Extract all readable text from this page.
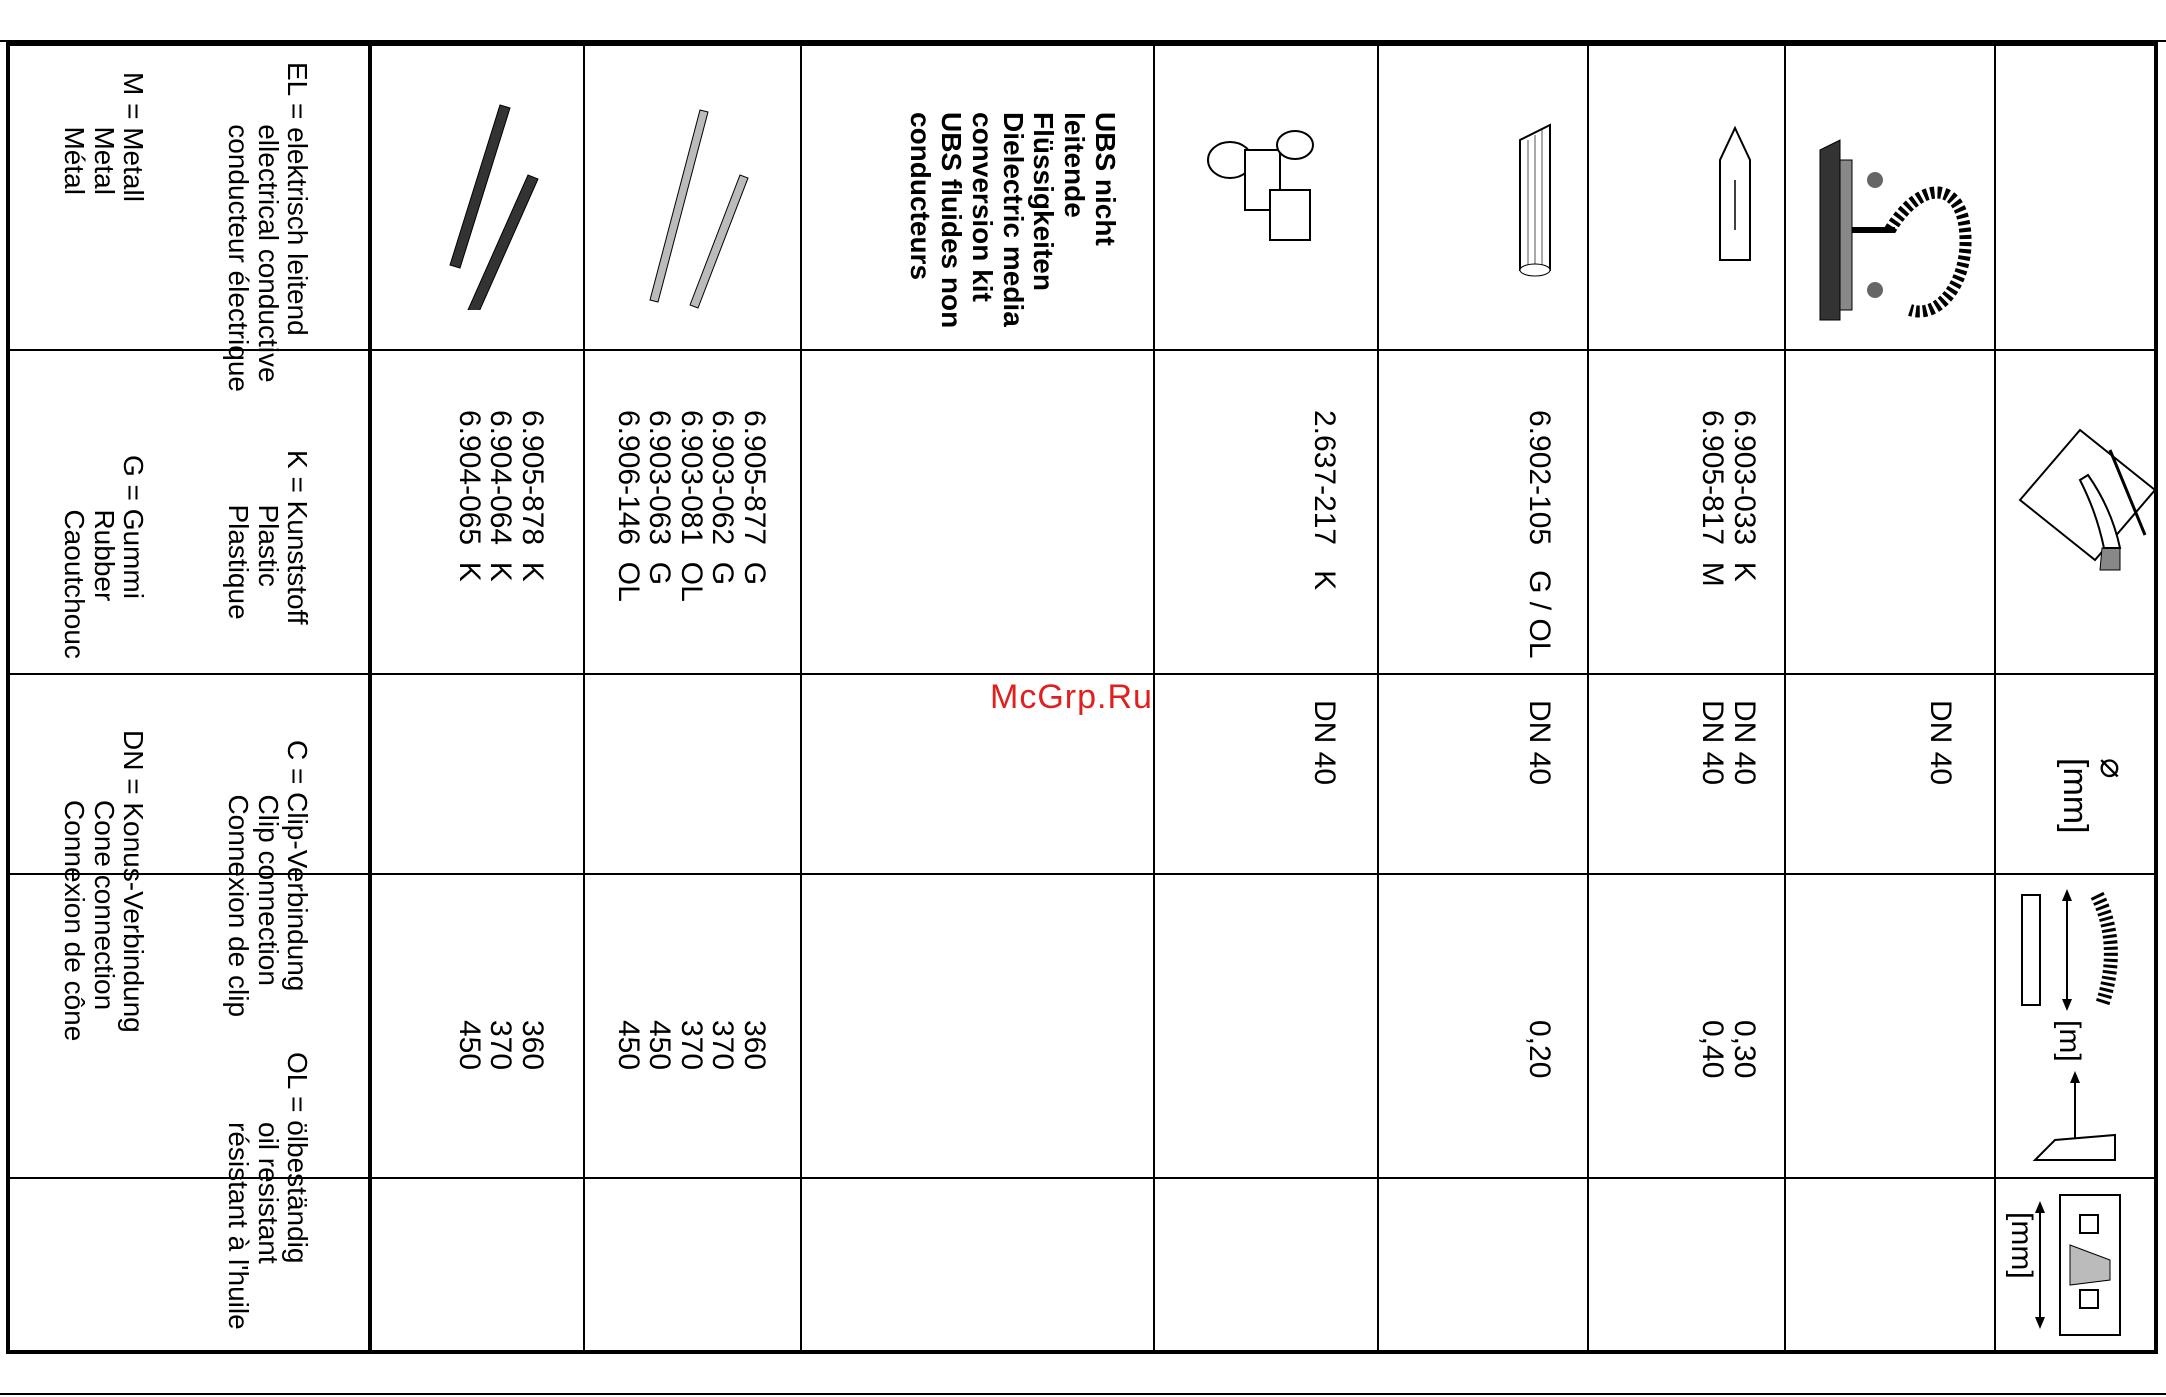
⌀
[mm]
[m]
[mm]
DN 40
6.903-033  K
6.905-817  M
DN 40
DN 40
0,30
0,40
6.902-105   G / OL
DN 40
0,20
2.637-217   K
DN 40
UBS nicht
leitende
Flüssigkeiten
Dielectric media
conversion kit
UBS fluides non
conducteurs
6.905-877  G
6.903-062  G
6.903-081  OL
6.903-063  G
6.906-146  OL
360
370
370
450
450
6.905-878  K
6.904-064  K
6.904-065  K
360
370
450
EL = elektrisch leitend
ellectrical conductive
conducteur électrique
M = Metall
Metal
Métal
K = Kunststoff
Plastic
Plastique
G = Gummi
Rubber
Caoutchouc
C = Clip-Verbindung
Clip connection
Connexion de clip
DN = Konus-Verbindung
Cone connection
Connexion de cône
OL = ölbeständig
oil resistant
résistant à l'huile
McGrp.Ru
